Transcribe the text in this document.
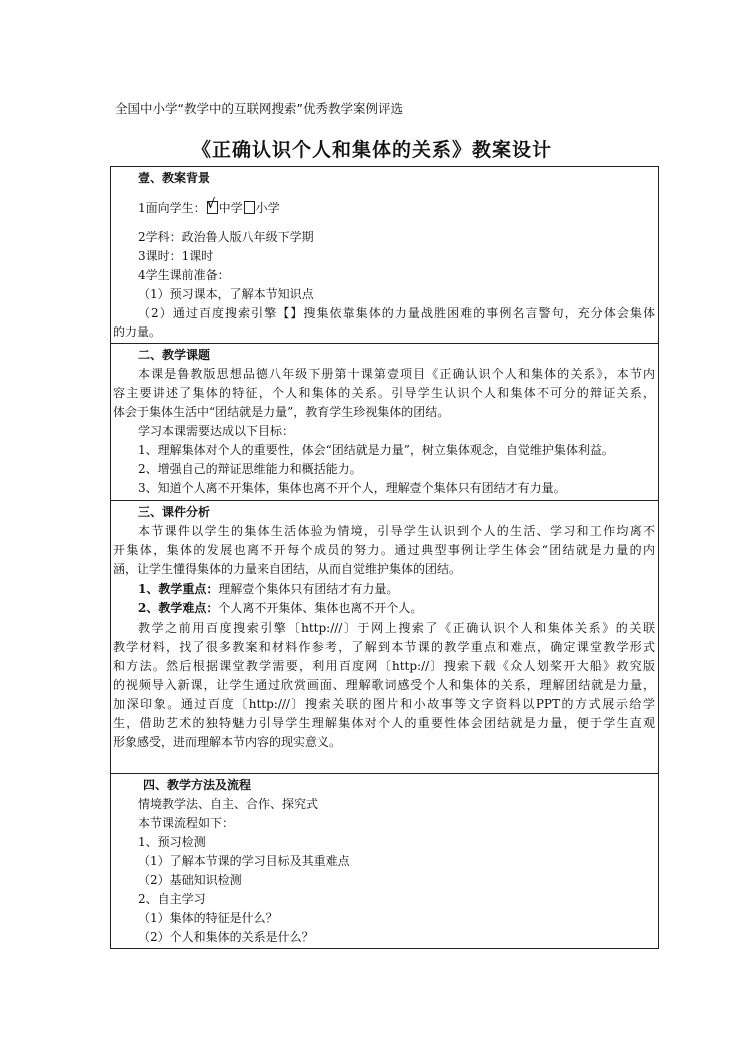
全国中小学“教学中的互联网搜索”优秀教学案例评选
《正确认识个人和集体的关系》教案设计
壹、教案背景
1面向学生： √ 中学 小学
2学科：政治鲁人版八年级下学期
3课时：1课时
4学生课前准备：
（1）预习课本，了解本节知识点
（2）通过百度搜索引擎【】搜集依靠集体的力量战胜困难的事例名言警句，充分体会集体
的力量。
二、教学课题
本课是鲁教版思想品德八年级下册第十课第壹项目《正确认识个人和集体的关系》，本节内
容主要讲述了集体的特征，个人和集体的关系。引导学生认识个人和集体不可分的辩证关系，
体会于集体生活中“团结就是力量”，教育学生珍视集体的团结。
学习本课需要达成以下目标：
1、理解集体对个人的重要性，体会“团结就是力量”，树立集体观念，自觉维护集体利益。
2、增强自己的辩证思维能力和概括能力。
3、知道个人离不开集体，集体也离不开个人，理解壹个集体只有团结才有力量。
三、课件分析
本节课件以学生的集体生活体验为情境，引导学生认识到个人的生活、学习和工作均离不
开集体，集体的发展也离不开每个成员的努力。通过典型事例让学生体会“团结就是力量的内
涵，让学生懂得集体的力量来自团结，从而自觉维护集体的团结。
1、教学重点：理解壹个集体只有团结才有力量。
2、教学难点：个人离不开集体、集体也离不开个人。
教学之前用百度搜索引擎〔http:///〕于网上搜索了《正确认识个人和集体关系》的关联
教学材料，找了很多教案和材料作参考，了解到本节课的教学重点和难点，确定课堂教学形式
和方法。然后根据课堂教学需要，利用百度网〔http://〕搜索下载《众人划桨开大船》救究版
的视频导入新课，让学生通过欣赏画面、理解歌词感受个人和集体的关系，理解团结就是力量，
加深印象。通过百度〔http:///〕搜索关联的图片和小故事等文字资料以PPT的方式展示给学
生，借助艺术的独特魅力引导学生理解集体对个人的重要性体会团结就是力量，便于学生直观
形象感受，进而理解本节内容的现实意义。
四、教学方法及流程
情境教学法、自主、合作、探究式
本节课流程如下：
1、预习检测
（1）了解本节课的学习目标及其重难点
（2）基础知识检测
2、自主学习
（1）集体的特征是什么？
（2）个人和集体的关系是什么？
